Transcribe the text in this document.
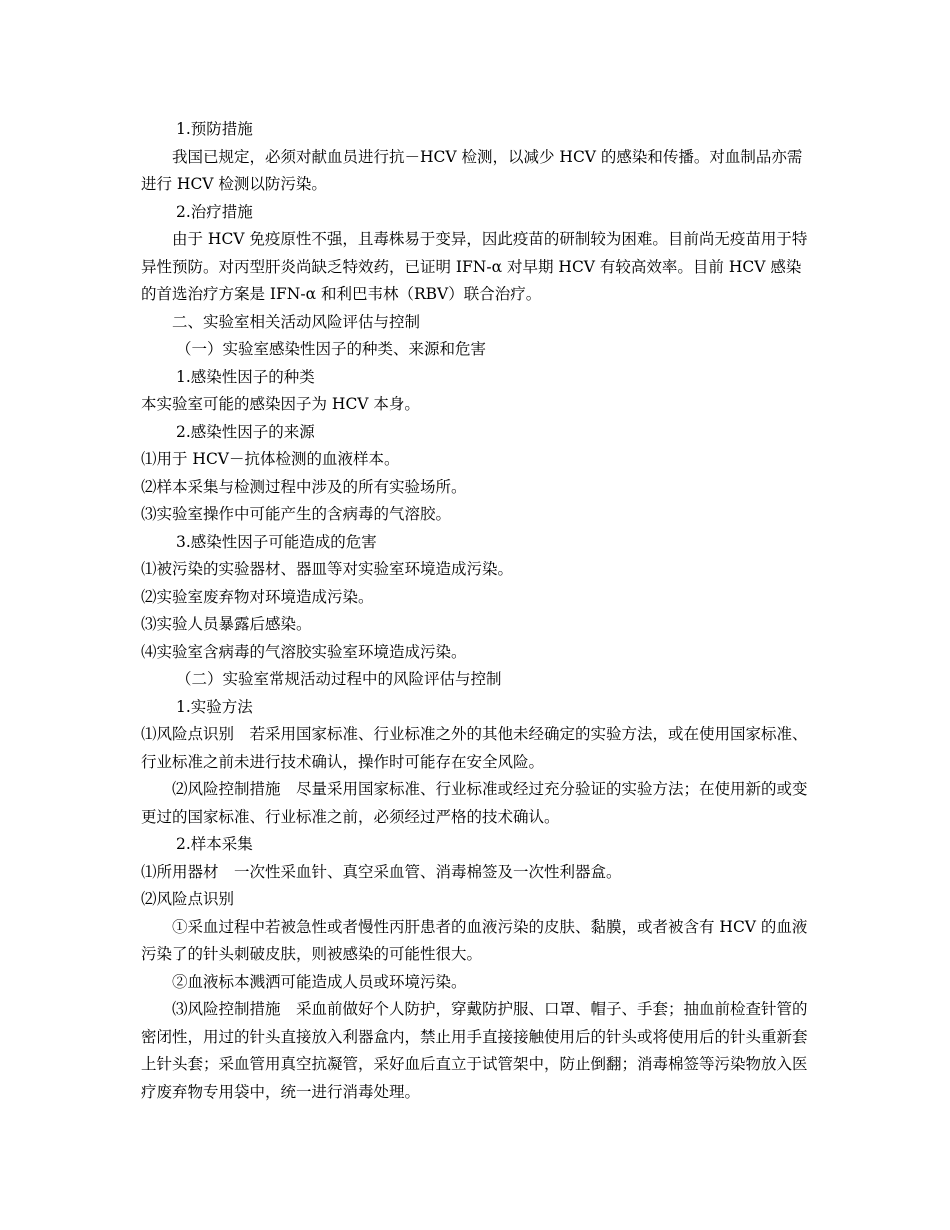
1.预防措施

我国已规定，必须对献血员进行抗－HCV 检测，以减少 HCV 的感染和传播。对血制品亦需进行 HCV 检测以防污染。

2.治疗措施

由于 HCV 免疫原性不强，且毒株易于变异，因此疫苗的研制较为困难。目前尚无疫苗用于特异性预防。对丙型肝炎尚缺乏特效药，已证明 IFN-α 对早期 HCV 有较高效率。目前 HCV 感染的首选治疗方案是 IFN-α 和利巴韦林（RBV）联合治疗。

二、实验室相关活动风险评估与控制

（一）实验室感染性因子的种类、来源和危害

1.感染性因子的种类

本实验室可能的感染因子为 HCV 本身。

2.感染性因子的来源

⑴用于 HCV－抗体检测的血液样本。

⑵样本采集与检测过程中涉及的所有实验场所。

⑶实验室操作中可能产生的含病毒的气溶胶。

3.感染性因子可能造成的危害

⑴被污染的实验器材、器皿等对实验室环境造成污染。

⑵实验室废弃物对环境造成污染。

⑶实验人员暴露后感染。

⑷实验室含病毒的气溶胶实验室环境造成污染。

（二）实验室常规活动过程中的风险评估与控制

1.实验方法

⑴风险点识别　若采用国家标准、行业标准之外的其他未经确定的实验方法，或在使用国家标准、行业标准之前未进行技术确认，操作时可能存在安全风险。

⑵风险控制措施　尽量采用国家标准、行业标准或经过充分验证的实验方法；在使用新的或变更过的国家标准、行业标准之前，必须经过严格的技术确认。

2.样本采集

⑴所用器材　一次性采血针、真空采血管、消毒棉签及一次性利器盒。

⑵风险点识别

①采血过程中若被急性或者慢性丙肝患者的血液污染的皮肤、黏膜，或者被含有 HCV 的血液污染了的针头刺破皮肤，则被感染的可能性很大。

②血液标本溅洒可能造成人员或环境污染。

⑶风险控制措施　采血前做好个人防护，穿戴防护服、口罩、帽子、手套；抽血前检查针管的密闭性，用过的针头直接放入利器盒内，禁止用手直接接触使用后的针头或将使用后的针头重新套上针头套；采血管用真空抗凝管，采好血后直立于试管架中，防止倒翻；消毒棉签等污染物放入医疗废弃物专用袋中，统一进行消毒处理。
